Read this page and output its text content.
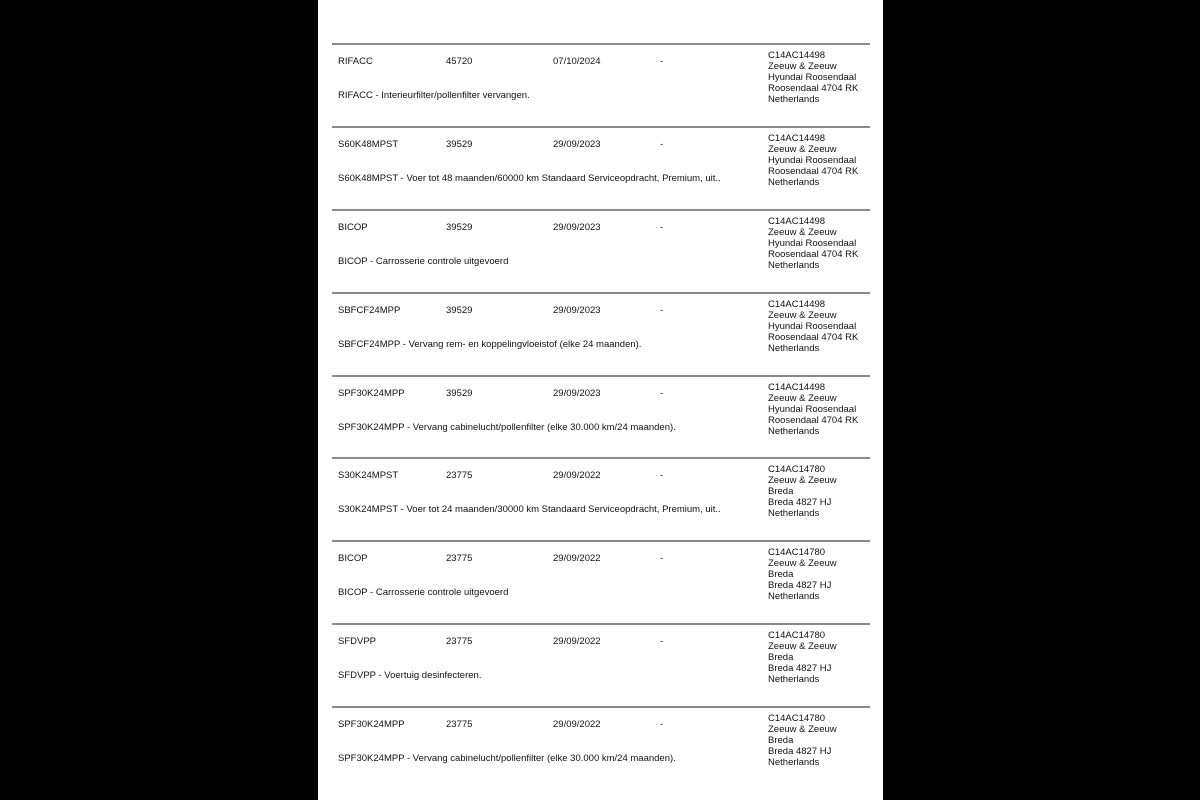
RIFACC	45720	07/10/2024	-
C14AC14498
Zeeuw & Zeeuw
Hyundai Roosendaal
Roosendaal 4704 RK
Netherlands
RIFACC - Interieurfilter/pollenfilter vervangen.
S60K48MPST	39529	29/09/2023	-
C14AC14498
Zeeuw & Zeeuw
Hyundai Roosendaal
Roosendaal 4704 RK
Netherlands
S60K48MPST - Voer tot 48 maanden/60000 km Standaard Serviceopdracht, Premium, uit..
BICOP	39529	29/09/2023	-
C14AC14498
Zeeuw & Zeeuw
Hyundai Roosendaal
Roosendaal 4704 RK
Netherlands
BICOP - Carrosserie controle uitgevoerd
SBFCF24MPP	39529	29/09/2023	-
C14AC14498
Zeeuw & Zeeuw
Hyundai Roosendaal
Roosendaal 4704 RK
Netherlands
SBFCF24MPP - Vervang rem- en koppelingvloeistof (elke 24 maanden).
SPF30K24MPP	39529	29/09/2023	-
C14AC14498
Zeeuw & Zeeuw
Hyundai Roosendaal
Roosendaal 4704 RK
Netherlands
SPF30K24MPP - Vervang cabinelucht/pollenfilter (elke 30.000 km/24 maanden).
S30K24MPST	23775	29/09/2022	-
C14AC14780
Zeeuw & Zeeuw
Breda
Breda 4827 HJ
Netherlands
S30K24MPST - Voer tot 24 maanden/30000 km Standaard Serviceopdracht, Premium, uit..
BICOP	23775	29/09/2022	-
C14AC14780
Zeeuw & Zeeuw
Breda
Breda 4827 HJ
Netherlands
BICOP - Carrosserie controle uitgevoerd
SFDVPP	23775	29/09/2022	-
C14AC14780
Zeeuw & Zeeuw
Breda
Breda 4827 HJ
Netherlands
SFDVPP - Voertuig desinfecteren.
SPF30K24MPP	23775	29/09/2022	-
C14AC14780
Zeeuw & Zeeuw
Breda
Breda 4827 HJ
Netherlands
SPF30K24MPP - Vervang cabinelucht/pollenfilter (elke 30.000 km/24 maanden).
